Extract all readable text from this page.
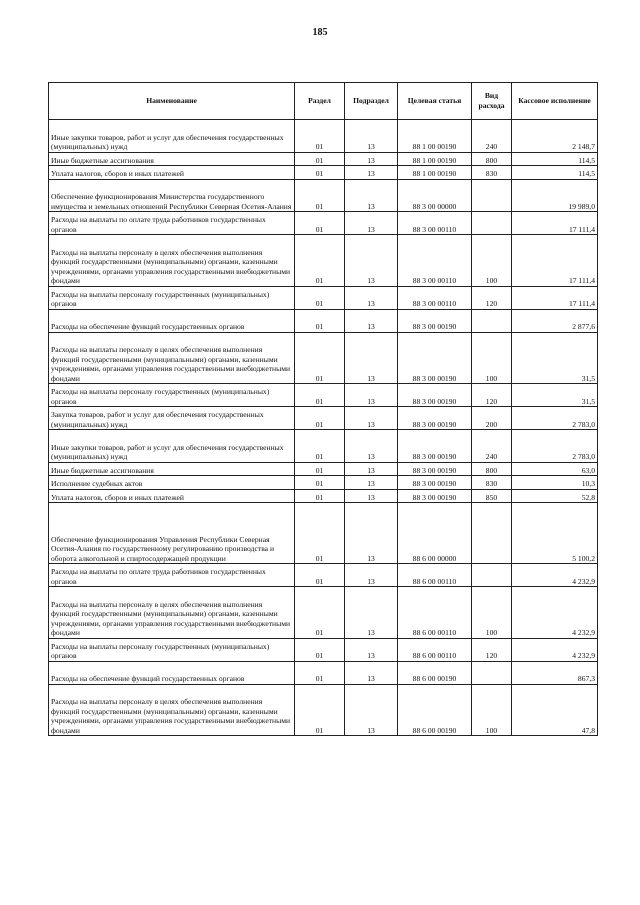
185
Наименование	Раздел	Подраздел	Целевая статья	Вид расхода	Кассовое исполнение
Иные закупки товаров, работ и услуг для обеспечения государственных (муниципальных) нужд	01	13	88 1 00 00190	240	2 148,7
Иные бюджетные ассигнования	01	13	88 1 00 00190	800	114,5
Уплата налогов, сборов и иных платежей	01	13	88 1 00 00190	830	114,5
Обеспечение функционирования Министерства государственного имущества и земельных отношений Республики Северная Осетия-Алания	01	13	88 3 00 00000		19 989,0
Расходы на выплаты по оплате труда работников государственных органов	01	13	88 3 00 00110		17 111,4
Расходы на выплаты персоналу в целях обеспечения выполнения функций государственными (муниципальными) органами, казенными учреждениями, органами управления государственными внебюджетными фондами	01	13	88 3 00 00110	100	17 111,4
Расходы на выплаты персоналу государственных (муниципальных) органов	01	13	88 3 00 00110	120	17 111,4
Расходы на обеспечение функций государственных органов	01	13	88 3 00 00190		2 877,6
Расходы на выплаты персоналу в целях обеспечения выполнения функций государственными (муниципальными) органами, казенными учреждениями, органами управления государственными внебюджетными фондами	01	13	88 3 00 00190	100	31,5
Расходы на выплаты персоналу государственных (муниципальных) органов	01	13	88 3 00 00190	120	31,5
Закупка товаров, работ и услуг для обеспечения государственных (муниципальных) нужд	01	13	88 3 00 00190	200	2 783,0
Иные закупки товаров, работ и услуг для обеспечения государственных (муниципальных) нужд	01	13	88 3 00 00190	240	2 783,0
Иные бюджетные ассигнования	01	13	88 3 00 00190	800	63,0
Исполнение судебных актов	01	13	88 3 00 00190	830	10,3
Уплата налогов, сборов и иных платежей	01	13	88 3 00 00190	850	52,8
Обеспечение функционирования Управления Республики Северная Осетия-Алания по государственному регулированию производства и оборота алкогольной и спиртосодержащей продукции	01	13	88 6 00 00000		5 100,2
Расходы на выплаты по оплате труда работников государственных органов	01	13	88 6 00 00110		4 232,9
Расходы на выплаты персоналу в целях обеспечения выполнения функций государственными (муниципальными) органами, казенными учреждениями, органами управления государственными внебюджетными фондами	01	13	88 6 00 00110	100	4 232,9
Расходы на выплаты персоналу государственных (муниципальных) органов	01	13	88 6 00 00110	120	4 232,9
Расходы на обеспечение функций государственных органов	01	13	88 6 00 00190		867,3
Расходы на выплаты персоналу в целях обеспечения выполнения функций государственными (муниципальными) органами, казенными учреждениями, органами управления государственными внебюджетными фондами	01	13	88 6 00 00190	100	47,8
